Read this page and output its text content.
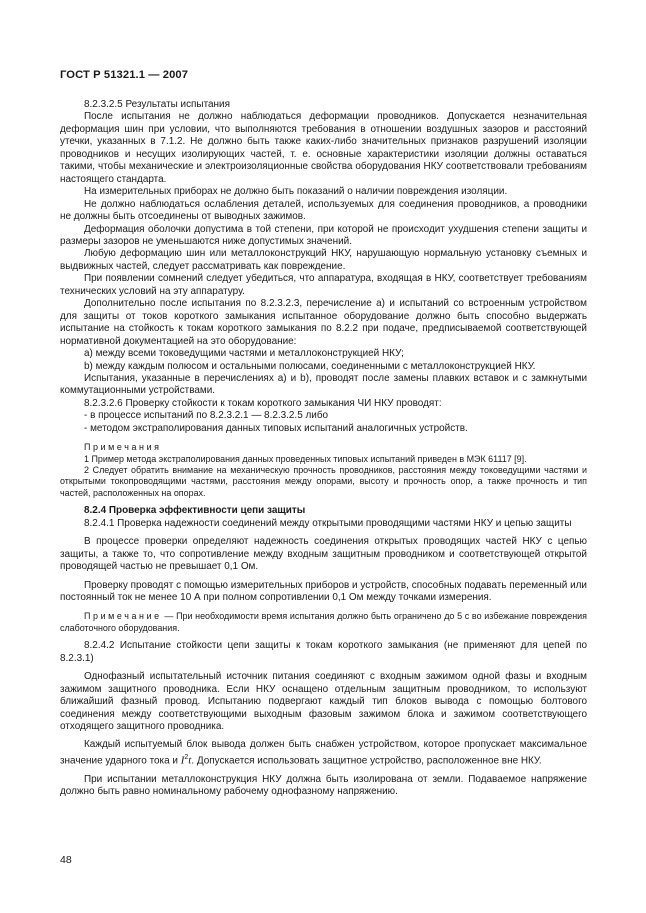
ГОСТ Р 51321.1 — 2007

8.2.3.2.5 Результаты испытания

После испытания не должно наблюдаться деформации проводников. Допускается незначительная деформация шин при условии, что выполняются требования в отношении воздушных зазоров и расстояний утечки, указанных в 7.1.2. Не должно быть также каких-либо значительных признаков разрушений изоляции проводников и несущих изолирующих частей, т. е. основные характеристики изоляции должны оставаться такими, чтобы механические и электроизоляционные свойства оборудования НКУ соответствовали требованиям настоящего стандарта.

На измерительных приборах не должно быть показаний о наличии повреждения изоляции.

Не должно наблюдаться ослабления деталей, используемых для соединения проводников, а проводники не должны быть отсоединены от выводных зажимов.

Деформация оболочки допустима в той степени, при которой не происходит ухудшения степени защиты и размеры зазоров не уменьшаются ниже допустимых значений.

Любую деформацию шин или металлоконструкций НКУ, нарушающую нормальную установку съемных и выдвижных частей, следует рассматривать как повреждение.

При появлении сомнений следует убедиться, что аппаратура, входящая в НКУ, соответствует требованиям технических условий на эту аппаратуру.

Дополнительно после испытания по 8.2.3.2.3, перечисление а) и испытаний со встроенным устройством для защиты от токов короткого замыкания испытанное оборудование должно быть способно выдержать испытание на стойкость к токам короткого замыкания по 8.2.2 при подаче, предписываемой соответствующей нормативной документацией на это оборудование:

а) между всеми токоведущими частями и металлоконструкцией НКУ;

b) между каждым полюсом и остальными полюсами, соединенными с металлоконструкцией НКУ.

Испытания, указанные в перечислениях а) и b), проводят после замены плавких вставок и с замкнутыми коммутационными устройствами.

8.2.3.2.6 Проверку стойкости к токам короткого замыкания ЧИ НКУ проводят:

- в процессе испытаний по 8.2.3.2.1 — 8.2.3.2.5 либо

- методом экстраполирования данных типовых испытаний аналогичных устройств.

Примечания

1 Пример метода экстраполирования данных проведенных типовых испытаний приведен в МЭК 61117 [9].

2 Следует обратить внимание на механическую прочность проводников, расстояния между токоведущими частями и открытыми токопроводящими частями, расстояния между опорами, высоту и прочность опор, а также прочность и тип частей, расположенных на опорах.

8.2.4 Проверка эффективности цепи защиты

8.2.4.1 Проверка надежности соединений между открытыми проводящими частями НКУ и цепью защиты

В процессе проверки определяют надежность соединения открытых проводящих частей НКУ с цепью защиты, а также то, что сопротивление между входным защитным проводником и соответствующей открытой проводящей частью не превышает 0,1 Ом.

Проверку проводят с помощью измерительных приборов и устройств, способных подавать переменный или постоянный ток не менее 10 А при полном сопротивлении 0,1 Ом между точками измерения.

Примечание — При необходимости время испытания должно быть ограничено до 5 с во избежание повреждения слаботочного оборудования.

8.2.4.2 Испытание стойкости цепи защиты к токам короткого замыкания (не применяют для цепей по 8.2.3.1)

Однофазный испытательный источник питания соединяют с входным зажимом одной фазы и входным зажимом защитного проводника. Если НКУ оснащено отдельным защитным проводником, то используют ближайший фазный провод. Испытанию подвергают каждый тип блоков вывода с помощью болтового соединения между соответствующими выходным фазовым зажимом блока и зажимом соответствующего отходящего защитного проводника.

Каждый испытуемый блок вывода должен быть снабжен устройством, которое пропускает максимальное значение ударного тока и $I^2t$. Допускается использовать защитное устройство, расположенное вне НКУ.

При испытании металлоконструкция НКУ должна быть изолирована от земли. Подаваемое напряжение должно быть равно номинальному рабочему однофазному напряжению.

48
